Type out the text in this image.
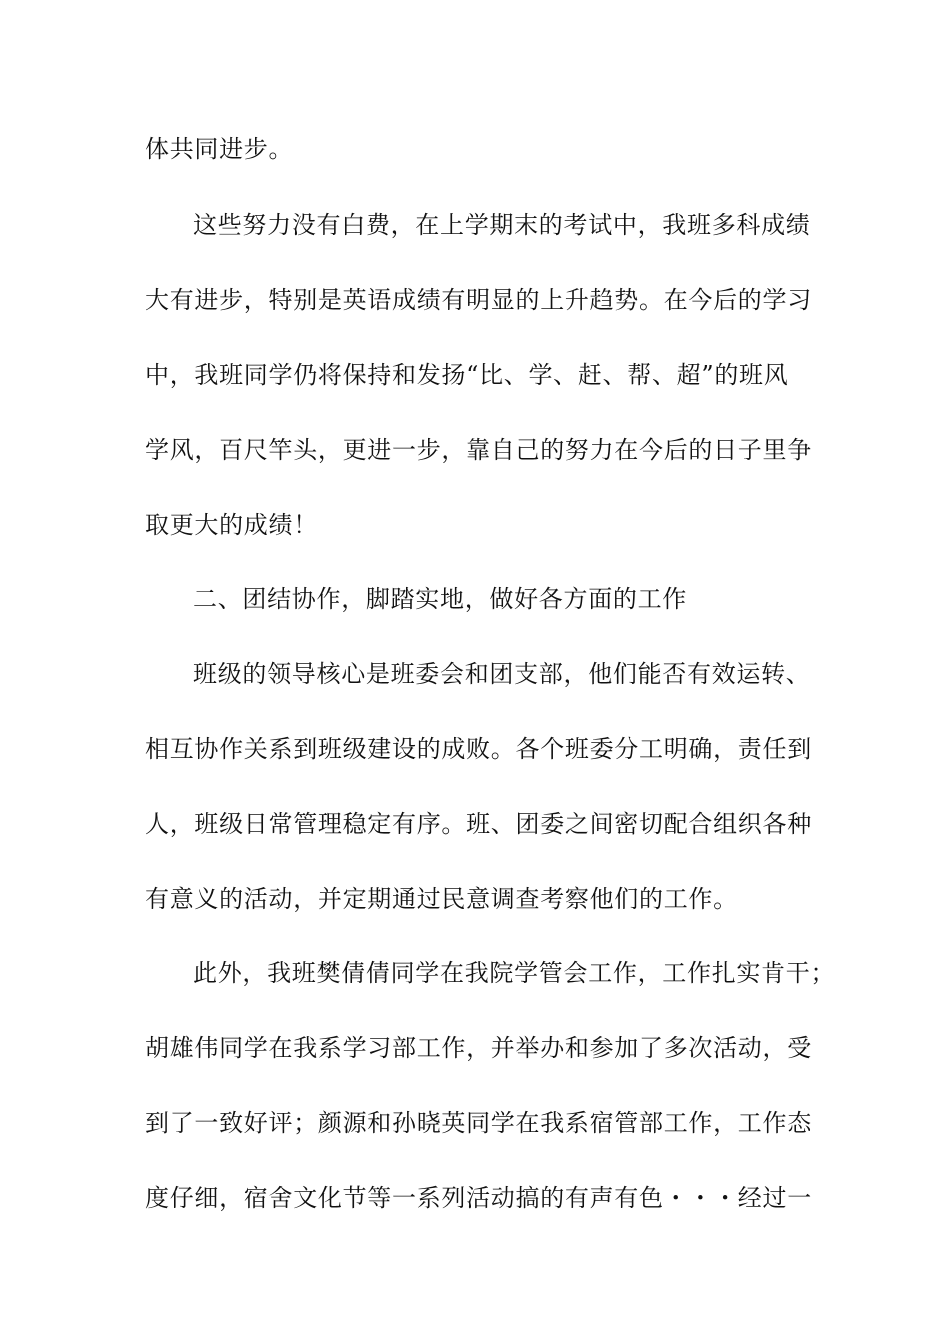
体共同进步。
这些努力没有白费，在上学期末的考试中，我班多科成绩
大有进步，特别是英语成绩有明显的上升趋势。在今后的学习
中，我班同学仍将保持和发扬“比、学、赶、帮、超”的班风
学风，百尺竿头，更进一步，靠自己的努力在今后的日子里争
取更大的成绩！
二、团结协作，脚踏实地，做好各方面的工作
班级的领导核心是班委会和团支部，他们能否有效运转、
相互协作关系到班级建设的成败。各个班委分工明确，责任到
人，班级日常管理稳定有序。班、团委之间密切配合组织各种
有意义的活动，并定期通过民意调查考察他们的工作。
此外，我班樊倩倩同学在我院学管会工作，工作扎实肯干；
胡雄伟同学在我系学习部工作，并举办和参加了多次活动，受
到了一致好评；颜源和孙晓英同学在我系宿管部工作，工作态
度仔细，宿舍文化节等一系列活动搞的有声有色・・・经过一
